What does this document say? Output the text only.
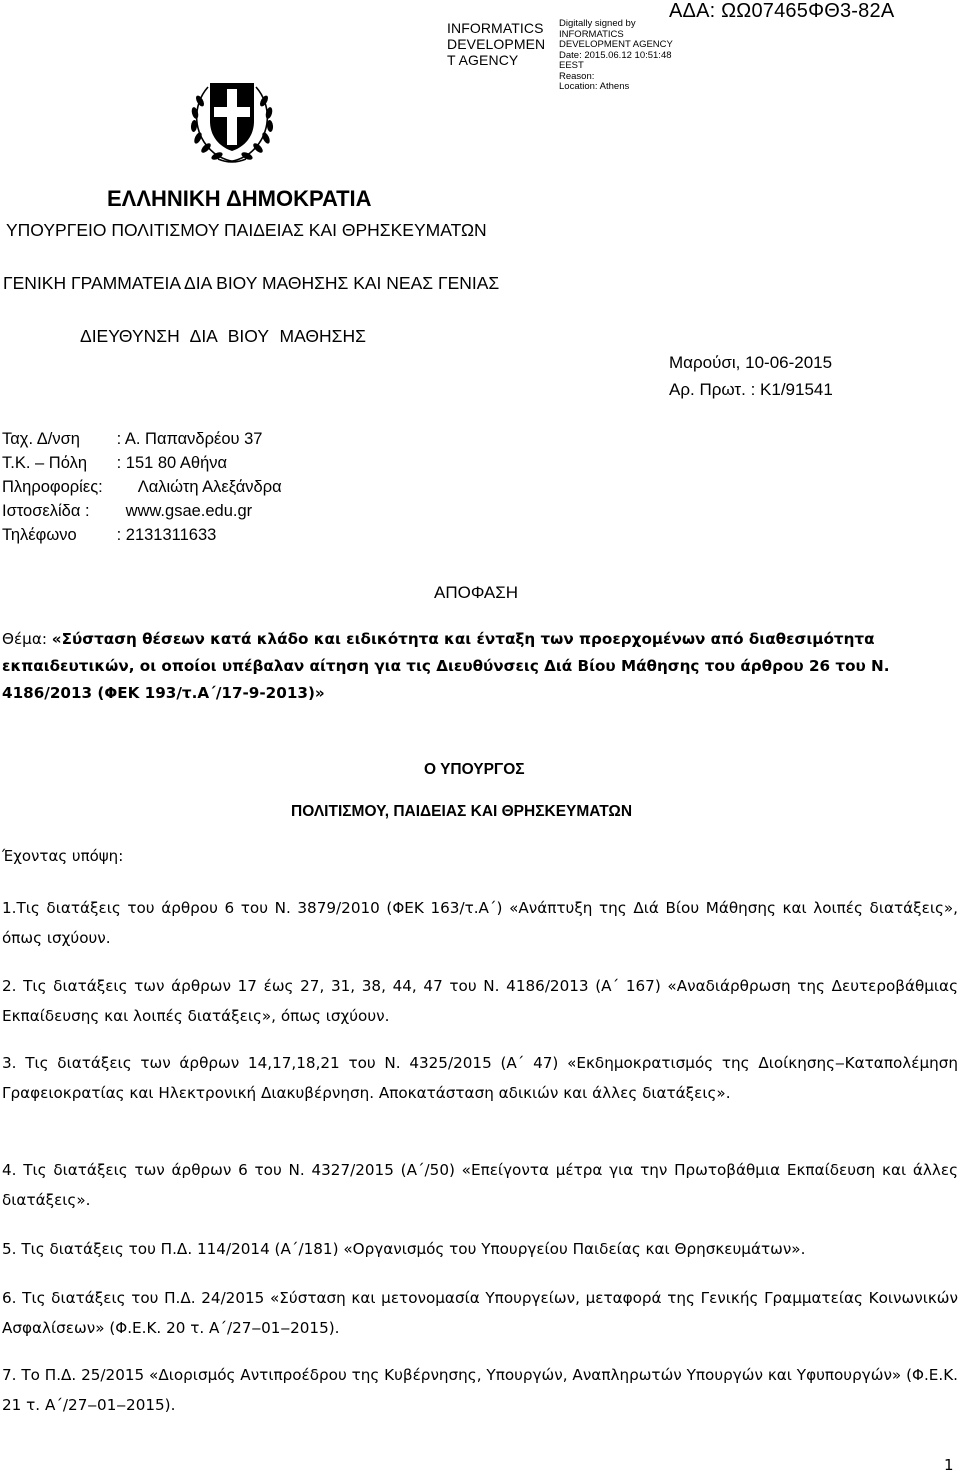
INFORMATICS
DEVELOPMEN
T AGENCY
Digitally signed by
INFORMATICS
DEVELOPMENT AGENCY
Date: 2015.06.12 10:51:48
EEST
Reason:
Location: Athens
ΑΔΑ: ΩΩ07465ΦΘ3-82Α
ΕΛΛΗΝΙΚΗ ΔΗΜΟΚΡΑΤΙΑ
ΥΠΟΥΡΓΕΙΟ ΠΟΛΙΤΙΣΜΟΥ ΠΑΙΔΕΙΑΣ ΚΑΙ ΘΡΗΣΚΕΥΜΑΤΩΝ
ΓΕΝΙΚΗ ΓΡΑΜΜΑΤΕΙΑ ΔΙΑ ΒΙΟΥ ΜΑΘΗΣΗΣ ΚΑΙ ΝΕΑΣ ΓΕΝΙΑΣ
ΔΙΕΥΘΥΝΣΗ ΔΙΑ ΒΙΟΥ ΜΑΘΗΣΗΣ
Μαρούσι, 10-06-2015
Αρ. Πρωτ. : Κ1/91541
Ταχ. Δ/νση : Α. Παπανδρέου 37
Τ.Κ. – Πόλη : 151 80 Αθήνα
Πληροφορίες: Λαλιώτη Αλεξάνδρα
Ιστοσελίδα : www.gsae.edu.gr
Τηλέφωνο : 2131311633
ΑΠΟΦΑΣΗ
Θέμα: «Σύσταση θέσεων κατά κλάδο και ειδικότητα και ένταξη των προερχομένων από διαθεσιμότητα
εκπαιδευτικών, οι οποίοι υπέβαλαν αίτηση για τις Διευθύνσεις Διά Βίου Μάθησης του άρθρου 26 του Ν.
4186/2013 (ΦΕΚ 193/τ.Α΄/17-9-2013)»
Ο ΥΠΟΥΡΓΟΣ
ΠΟΛΙΤΙΣΜΟΥ, ΠΑΙΔΕΙΑΣ ΚΑΙ ΘΡΗΣΚΕΥΜΑΤΩΝ
Έχοντας υπόψη:
1.Τις διατάξεις του άρθρου 6 του Ν. 3879/2010 (ΦΕΚ 163/τ.Α΄) «Ανάπτυξη της Διά Βίου Μάθησης και λοιπές διατάξεις», όπως ισχύουν.
2. Τις διατάξεις των άρθρων 17 έως 27, 31, 38, 44, 47 του Ν. 4186/2013 (Α΄ 167) «Αναδιάρθρωση της Δευτεροβάθμιας Εκπαίδευσης και λοιπές διατάξεις», όπως ισχύουν.
3. Τις διατάξεις των άρθρων 14,17,18,21 του Ν. 4325/2015 (Α΄ 47) «Εκδημοκρατισμός της Διοίκησης‒Καταπολέμηση Γραφειοκρατίας και Ηλεκτρονική Διακυβέρνηση. Αποκατάσταση αδικιών και άλλες διατάξεις».
4. Τις διατάξεις των άρθρων 6 του Ν. 4327/2015 (Α΄/50) «Επείγοντα μέτρα για την Πρωτοβάθμια Εκπαίδευση και άλλες διατάξεις».
5. Τις διατάξεις του Π.Δ. 114/2014 (Α΄/181) «Οργανισμός του Υπουργείου Παιδείας και Θρησκευμάτων».
6. Τις διατάξεις του Π.Δ. 24/2015 «Σύσταση και μετονομασία Υπουργείων, μεταφορά της Γενικής Γραμματείας Κοινωνικών Ασφαλίσεων» (Φ.Ε.Κ. 20 τ. Α΄/27‒01‒2015).
7. Το Π.Δ. 25/2015 «Διορισμός Αντιπροέδρου της Κυβέρνησης, Υπουργών, Αναπληρωτών Υπουργών και Υφυπουργών» (Φ.Ε.Κ. 21 τ. Α΄/27‒01‒2015).
1
